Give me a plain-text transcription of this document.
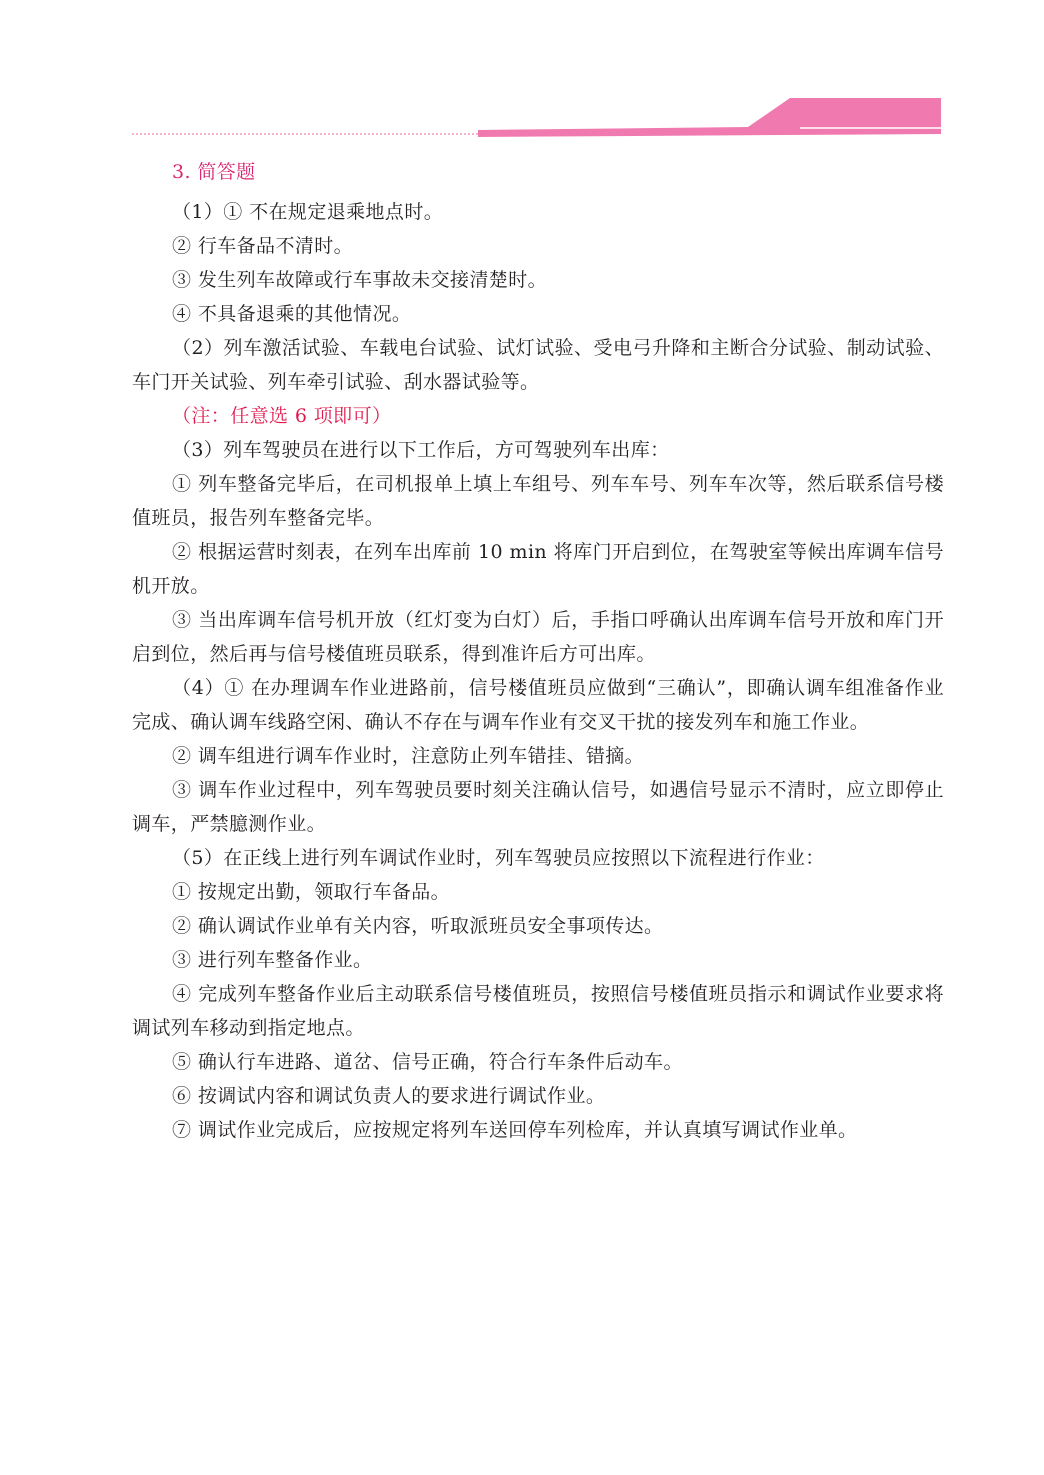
3. 简答题

（1）① 不在规定退乘地点时。

② 行车备品不清时。

③ 发生列车故障或行车事故未交接清楚时。

④ 不具备退乘的其他情况。

（2）列车激活试验、车载电台试验、试灯试验、受电弓升降和主断合分试验、制动试验、车门开关试验、列车牵引试验、刮水器试验等。

（注：任意选 6 项即可）

（3）列车驾驶员在进行以下工作后，方可驾驶列车出库：

① 列车整备完毕后，在司机报单上填上车组号、列车车号、列车车次等，然后联系信号楼值班员，报告列车整备完毕。

② 根据运营时刻表，在列车出库前 10 min 将库门开启到位，在驾驶室等候出库调车信号机开放。

③ 当出库调车信号机开放（红灯变为白灯）后，手指口呼确认出库调车信号开放和库门开启到位，然后再与信号楼值班员联系，得到准许后方可出库。

（4）① 在办理调车作业进路前，信号楼值班员应做到“三确认”，即确认调车组准备作业完成、确认调车线路空闲、确认不存在与调车作业有交叉干扰的接发列车和施工作业。

② 调车组进行调车作业时，注意防止列车错挂、错摘。

③ 调车作业过程中，列车驾驶员要时刻关注确认信号，如遇信号显示不清时，应立即停止调车，严禁臆测作业。

（5）在正线上进行列车调试作业时，列车驾驶员应按照以下流程进行作业：

① 按规定出勤，领取行车备品。

② 确认调试作业单有关内容，听取派班员安全事项传达。

③ 进行列车整备作业。

④ 完成列车整备作业后主动联系信号楼值班员，按照信号楼值班员指示和调试作业要求将调试列车移动到指定地点。

⑤ 确认行车进路、道岔、信号正确，符合行车条件后动车。

⑥ 按调试内容和调试负责人的要求进行调试作业。

⑦ 调试作业完成后，应按规定将列车送回停车列检库，并认真填写调试作业单。
